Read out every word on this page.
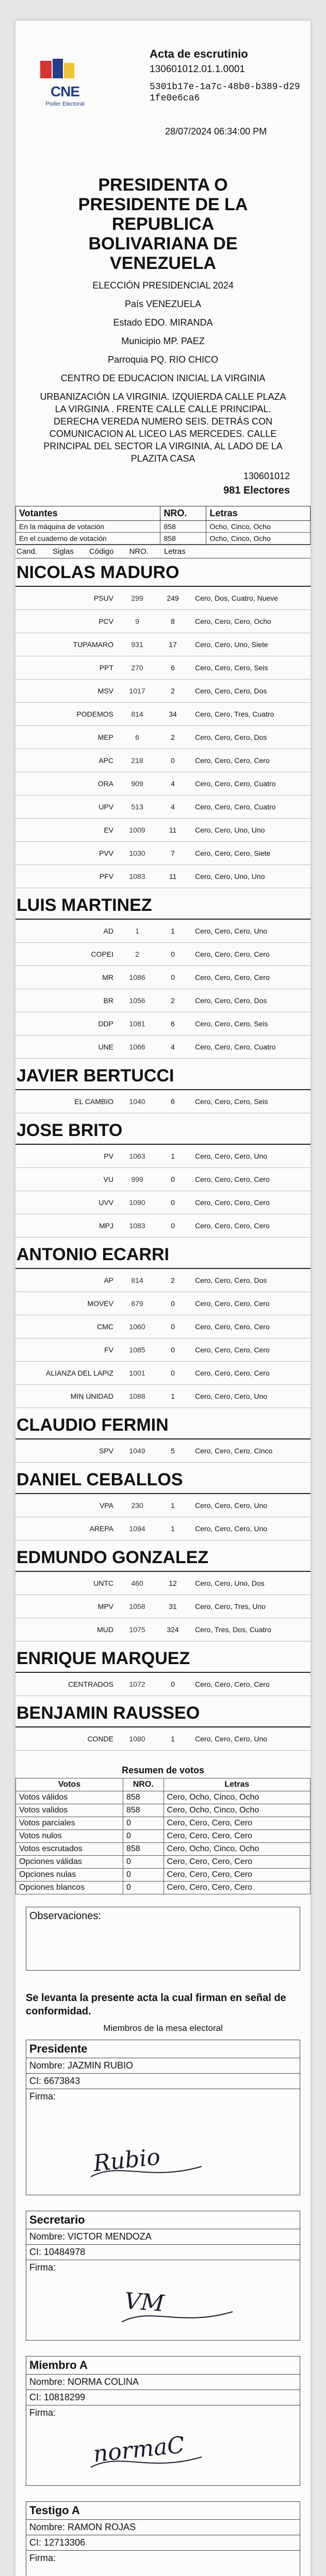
CNE
Poder Electoral
Acta de escrutinio
130601012.01.1.0001
5301b17e-1a7c-48b0-b389-d291fe0e6ca6
28/07/2024 06:34:00 PM
PRESIDENTA O
PRESIDENTE DE LA
REPUBLICA
BOLIVARIANA DE
VENEZUELA

ELECCIÓN PRESIDENCIAL 2024

País VENEZUELA

Estado EDO. MIRANDA

Municipio MP. PAEZ

Parroquia PQ. RIO CHICO

CENTRO DE EDUCACION INICIAL LA VIRGINIA

URBANIZACIÓN LA VIRGINIA. IZQUIERDA CALLE PLAZA LA VIRGINIA . FRENTE CALLE CALLE PRINCIPAL. DERECHA VEREDA NUMERO SEIS. DETRÁS CON COMUNICACION AL LICEO LAS MERCEDES. CALLE PRINCIPAL DEL SECTOR LA VIRGINIA, AL LADO DE LA PLAZITA CASA

130601012
981 Electores
Votantes	NRO.	Letras
En la máquina de votación	858	Ocho, Cinco, Ocho
En el cuaderno de votación	858	Ocho, Cinco, Ocho
Cand. Siglas Código NRO. Letras
NICOLAS MADURO
PSUV	299	249	Cero, Dos, Cuatro, Nueve
PCV	9	8	Cero, Cero, Cero, Ocho
TUPAMARO	931	17	Cero, Cero, Uno, Siete
PPT	270	6	Cero, Cero, Cero, Seis
MSV	1017	2	Cero, Cero, Cero, Dos
PODEMOS	814	34	Cero, Cero, Tres, Cuatro
MEP	6	2	Cero, Cero, Cero, Dos
APC	218	0	Cero, Cero, Cero, Cero
ORA	909	4	Cero, Cero, Cero, Cuatro
UPV	513	4	Cero, Cero, Cero, Cuatro
EV	1009	11	Cero, Cero, Uno, Uno
PVV	1030	7	Cero, Cero, Cero, Siete
PFV	1083	11	Cero, Cero, Uno, Uno
LUIS MARTINEZ
AD	1	1	Cero, Cero, Cero, Uno
COPEI	2	0	Cero, Cero, Cero, Cero
MR	1086	0	Cero, Cero, Cero, Cero
BR	1056	2	Cero, Cero, Cero, Dos
DDP	1081	6	Cero, Cero, Cero, Seis
UNE	1066	4	Cero, Cero, Cero, Cuatro
JAVIER BERTUCCI
EL CAMBIO	1040	6	Cero, Cero, Cero, Seis
JOSE BRITO
PV	1063	1	Cero, Cero, Cero, Uno
VU	999	0	Cero, Cero, Cero, Cero
UVV	1090	0	Cero, Cero, Cero, Cero
MPJ	1083	0	Cero, Cero, Cero, Cero
ANTONIO ECARRI
AP	814	2	Cero, Cero, Cero, Dos
MOVEV	679	0	Cero, Cero, Cero, Cero
CMC	1060	0	Cero, Cero, Cero, Cero
FV	1085	0	Cero, Cero, Cero, Cero
ALIANZA DEL LAPIZ	1001	0	Cero, Cero, Cero, Cero
MIN UNIDAD	1088	1	Cero, Cero, Cero, Uno
CLAUDIO FERMIN
SPV	1049	5	Cero, Cero, Cero, Cinco
DANIEL CEBALLOS
VPA	230	1	Cero, Cero, Cero, Uno
AREPA	1094	1	Cero, Cero, Cero, Uno
EDMUNDO GONZALEZ
UNTC	460	12	Cero, Cero, Uno, Dos
MPV	1058	31	Cero, Cero, Tres, Uno
MUD	1075	324	Cero, Tres, Dos, Cuatro
ENRIQUE MARQUEZ
CENTRADOS	1072	0	Cero, Cero, Cero, Cero
BENJAMIN RAUSSEO
CONDE	1080	1	Cero, Cero, Cero, Uno
Resumen de votos
Votos	NRO.	Letras
Votos válidos	858	Cero, Ocho, Cinco, Ocho
Votos validos	858	Cero, Ocho, Cinco, Ocho
Votos parciales	0	Cero, Cero, Cero, Cero
Votos nulos	0	Cero, Cero, Cero, Cero
Votos escrutados	858	Cero, Ocho, Cinco, Ocho
Opciones válidas	0	Cero, Cero, Cero, Cero
Opciones nulas	0	Cero, Cero, Cero, Cero
Opciones blancos	0	Cero, Cero, Cero, Cero
Observaciones:
Se levanta la presente acta la cual firman en señal de conformidad.
Miembros de la mesa electoral
Presidente
Nombre: JAZMIN RUBIO
CI: 6673843
Firma:
Rubio
Secretario
Nombre: VICTOR MENDOZA
CI: 10484978
Firma:
VM
Miembro A
Nombre: NORMA COLINA
CI: 10818299
Firma:
normaC
Testigo A
Nombre: RAMON ROJAS
CI: 12713306
Firma:
